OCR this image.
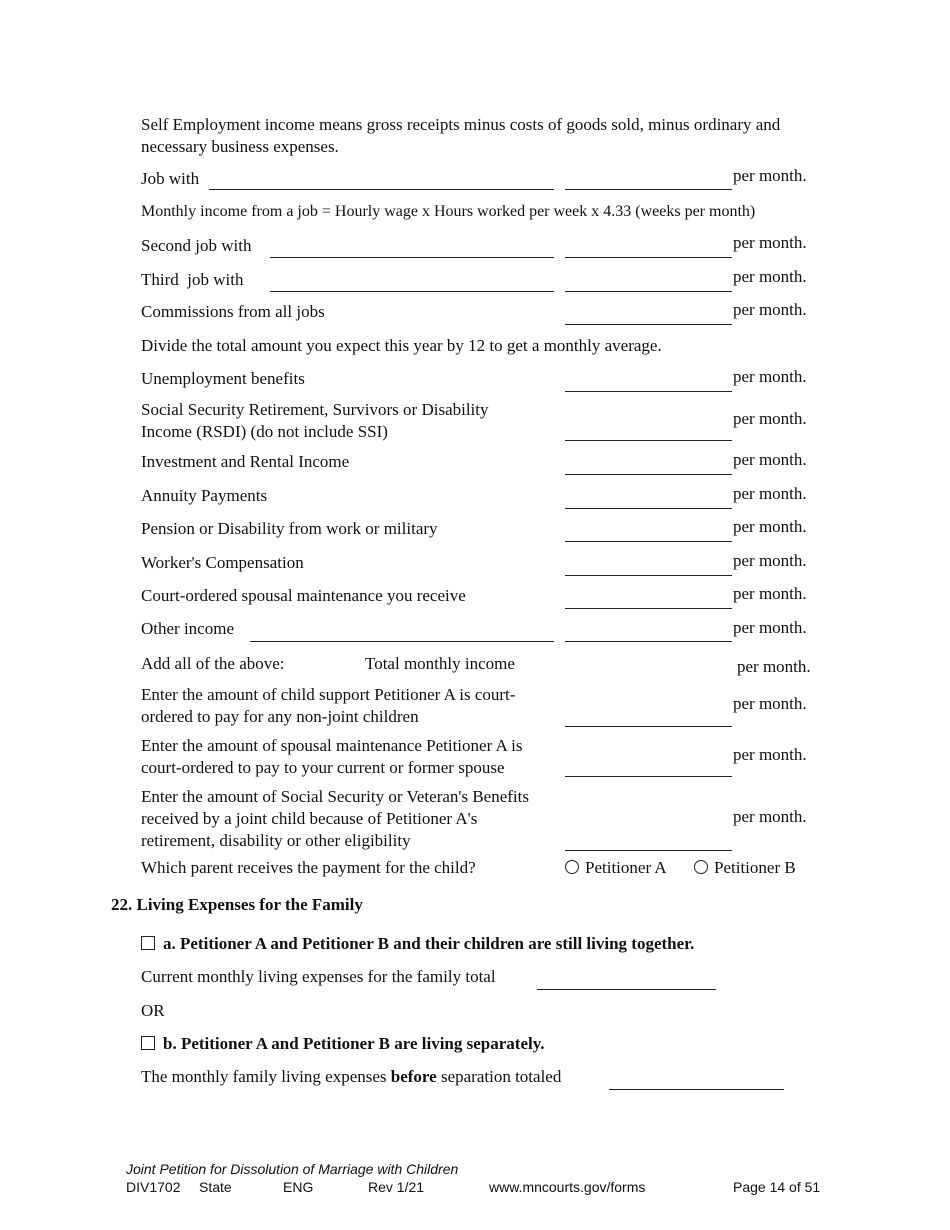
Self Employment income means gross receipts minus costs of goods sold, minus ordinary and
necessary business expenses.
Job with	per month.
Monthly income from a job = Hourly wage x Hours worked per week x 4.33 (weeks per month)
Second job with	per month.
Third  job with	per month.
Commissions from all jobs	per month.
Divide the total amount you expect this year by 12 to get a monthly average.
Unemployment benefits	per month.
Social Security Retirement, Survivors or Disability
Income (RSDI) (do not include SSI)
per month.
Investment and Rental Income	per month.
Annuity Payments	per month.
Pension or Disability from work or military	per month.
Worker's Compensation	per month.
Court-ordered spousal maintenance you receive	per month.
Other income	per month.
Add all of the above:	Total monthly income	per month.
Enter the amount of child support Petitioner A is court-
ordered to pay for any non-joint children
per month.
Enter the amount of spousal maintenance Petitioner A is
court-ordered to pay to your current or former spouse
per month.
Enter the amount of Social Security or Veteran's Benefits
received by a joint child because of Petitioner A's
retirement, disability or other eligibility
per month.
Which parent receives the payment for the child?	Petitioner A	Petitioner B
22. Living Expenses for the Family
a. Petitioner A and Petitioner B and their children are still living together.
Current monthly living expenses for the family total
OR
b. Petitioner A and Petitioner B are living separately.
The monthly family living expenses before separation totaled
Joint Petition for Dissolution of Marriage with Children
DIV1702 State	ENG	Rev 1/21	www.mncourts.gov/forms	Page 14 of 51
